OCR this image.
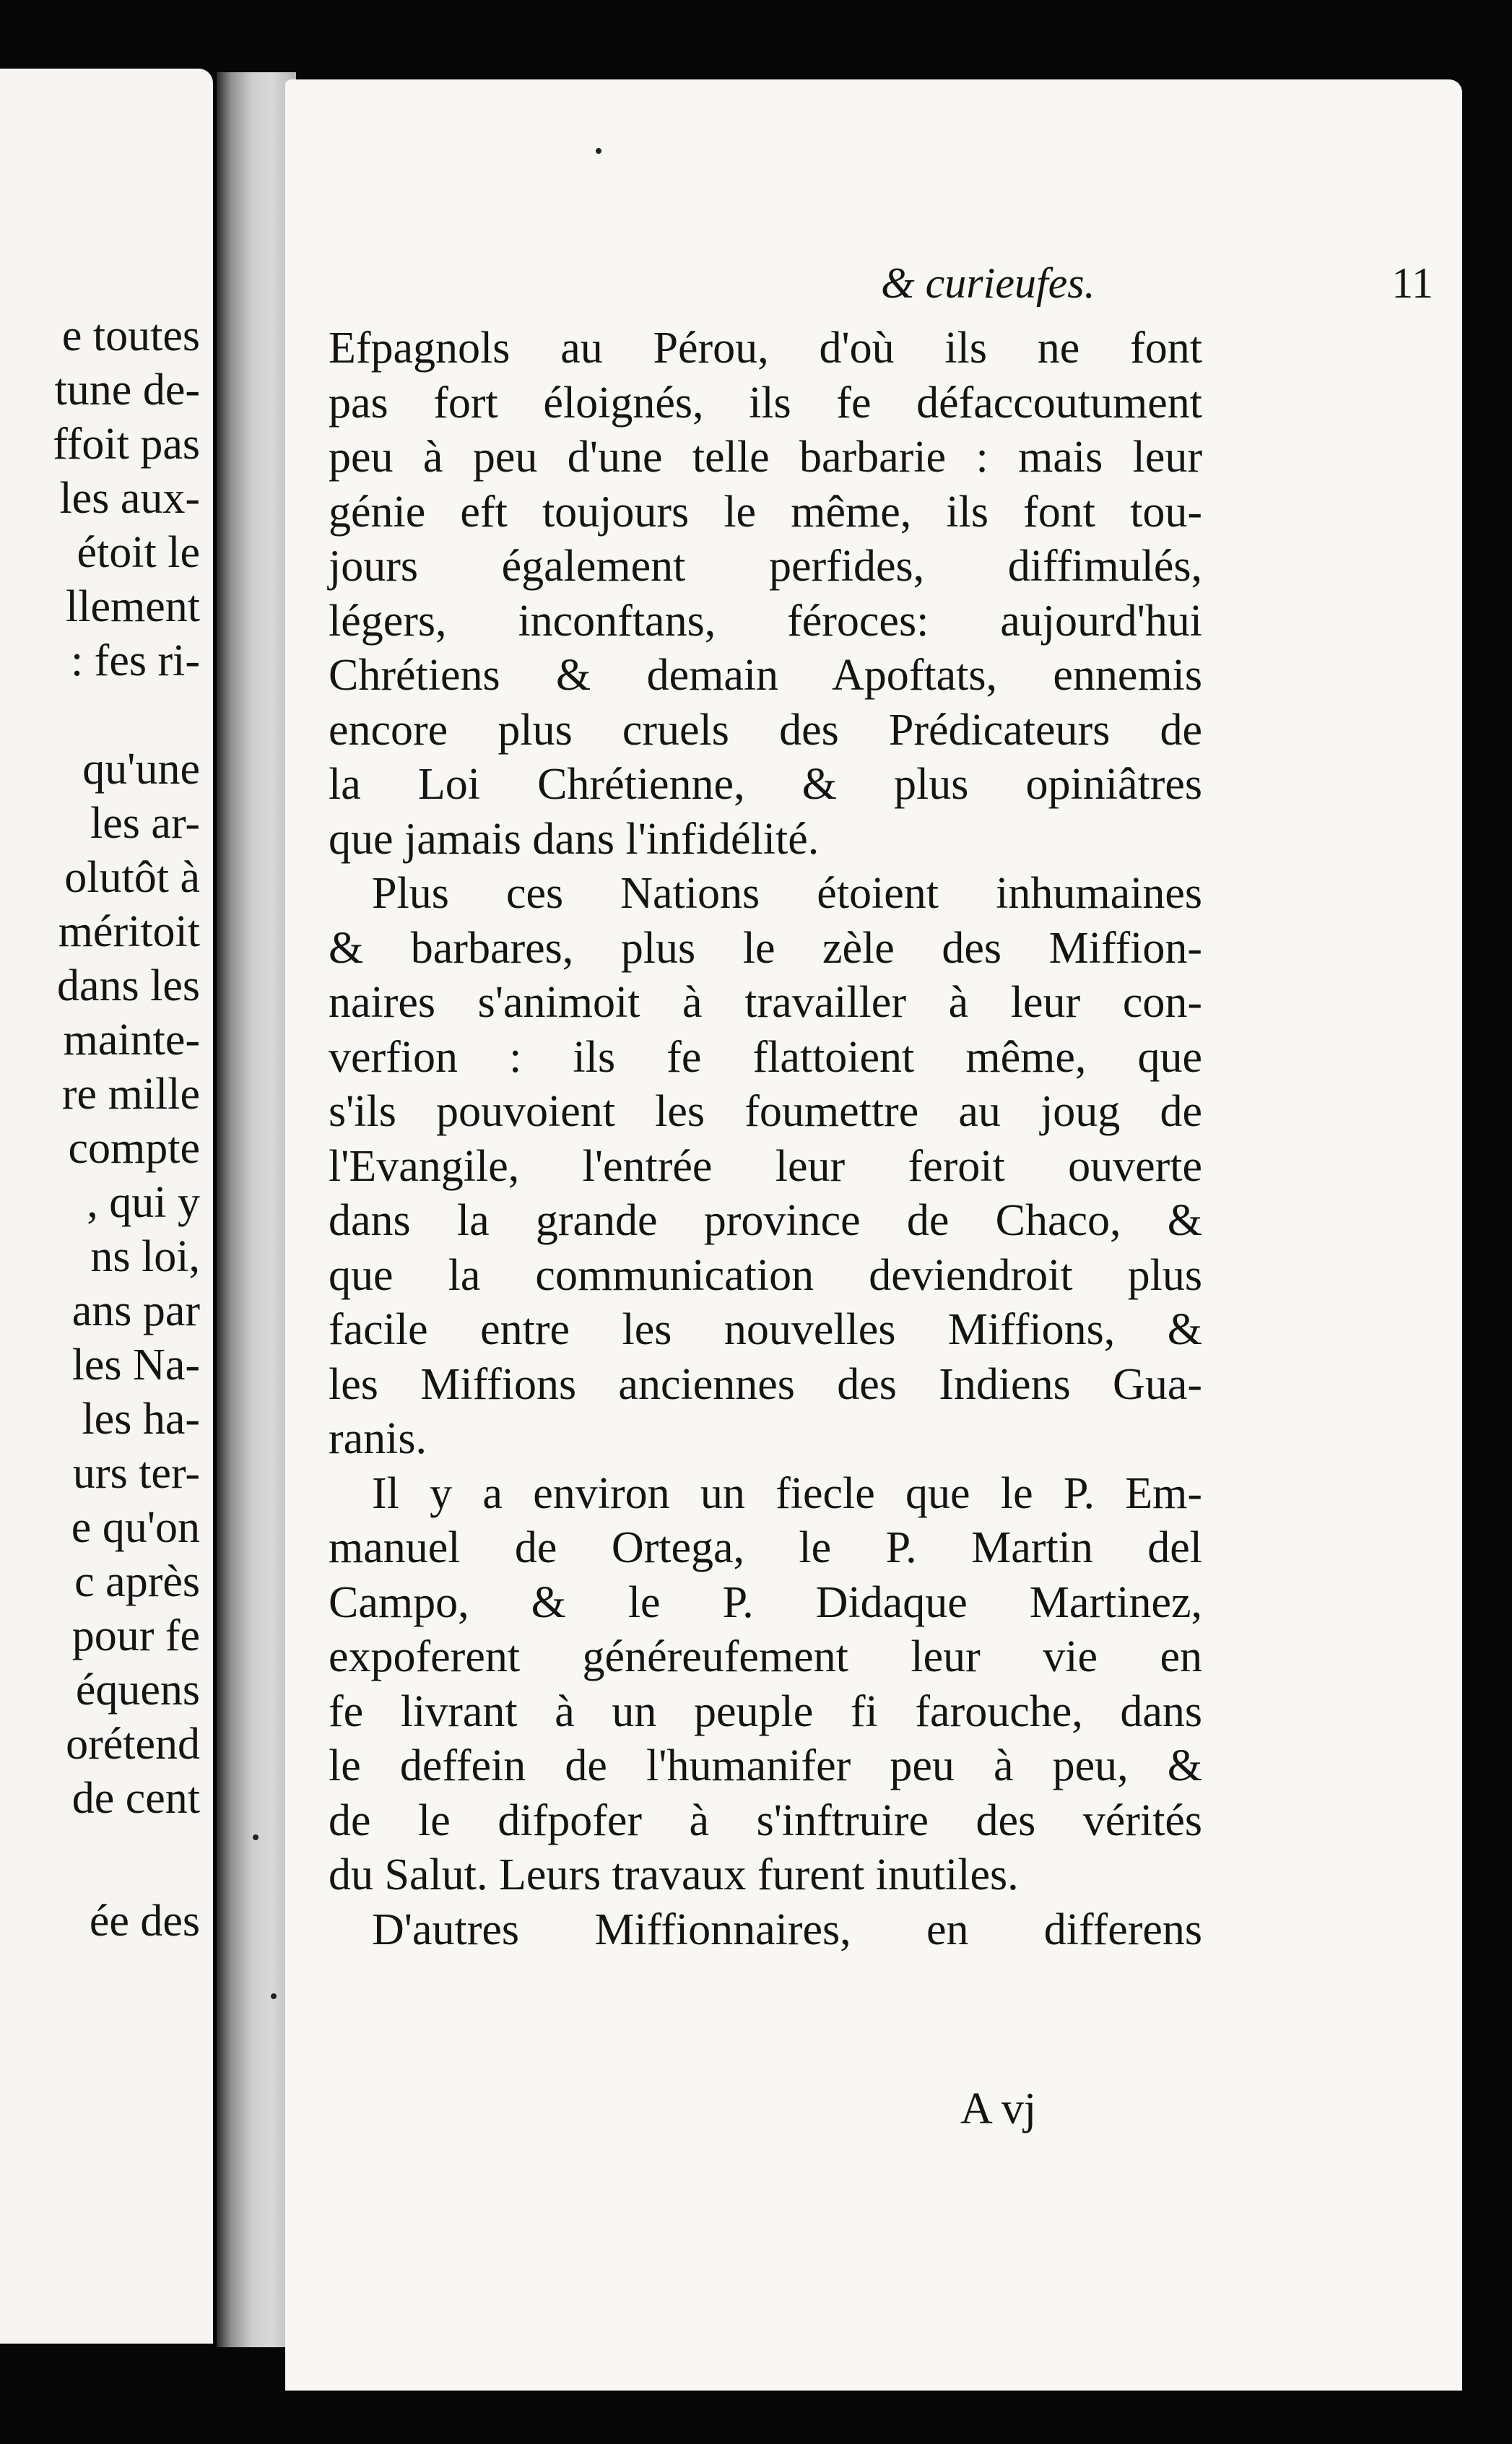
e toutes
tune de-
ffoit pas
les aux-
étoit le
llement
: fes ri-
qu'une
les ar-
olutôt à
méritoit
dans les
mainte-
re mille
compte
, qui y
ns loi,
ans par
les Na-
les ha-
urs ter-
e qu'on
c après
pour fe
équens
orétend
de cent
ée des
& curieufes.	11
Efpagnols au Pérou, d'où ils ne font
pas fort éloignés, ils fe défaccoutument
peu à peu d'une telle barbarie : mais leur
génie eft toujours le même, ils font tou-
jours également perfides, diffimulés,
légers, inconftans, féroces: aujourd'hui
Chrétiens & demain Apoftats, ennemis
encore plus cruels des Prédicateurs de
la Loi Chrétienne, & plus opiniâtres
que jamais dans l'infidélité.
Plus ces Nations étoient inhumaines
& barbares, plus le zèle des Miffion-
naires s'animoit à travailler à leur con-
verfion : ils fe flattoient même, que
s'ils pouvoient les foumettre au joug de
l'Evangile, l'entrée leur feroit ouverte
dans la grande province de Chaco, &
que la communication deviendroit plus
facile entre les nouvelles Miffions, &
les Miffions anciennes des Indiens Gua-
ranis.
Il y a environ un fiecle que le P. Em-
manuel de Ortega, le P. Martin del
Campo, & le P. Didaque Martinez,
expoferent généreufement leur vie en
fe livrant à un peuple fi farouche, dans
le deffein de l'humanifer peu à peu, &
de le difpofer à s'inftruire des vérités
du Salut. Leurs travaux furent inutiles.
D'autres Miffionnaires, en differens
A vj
